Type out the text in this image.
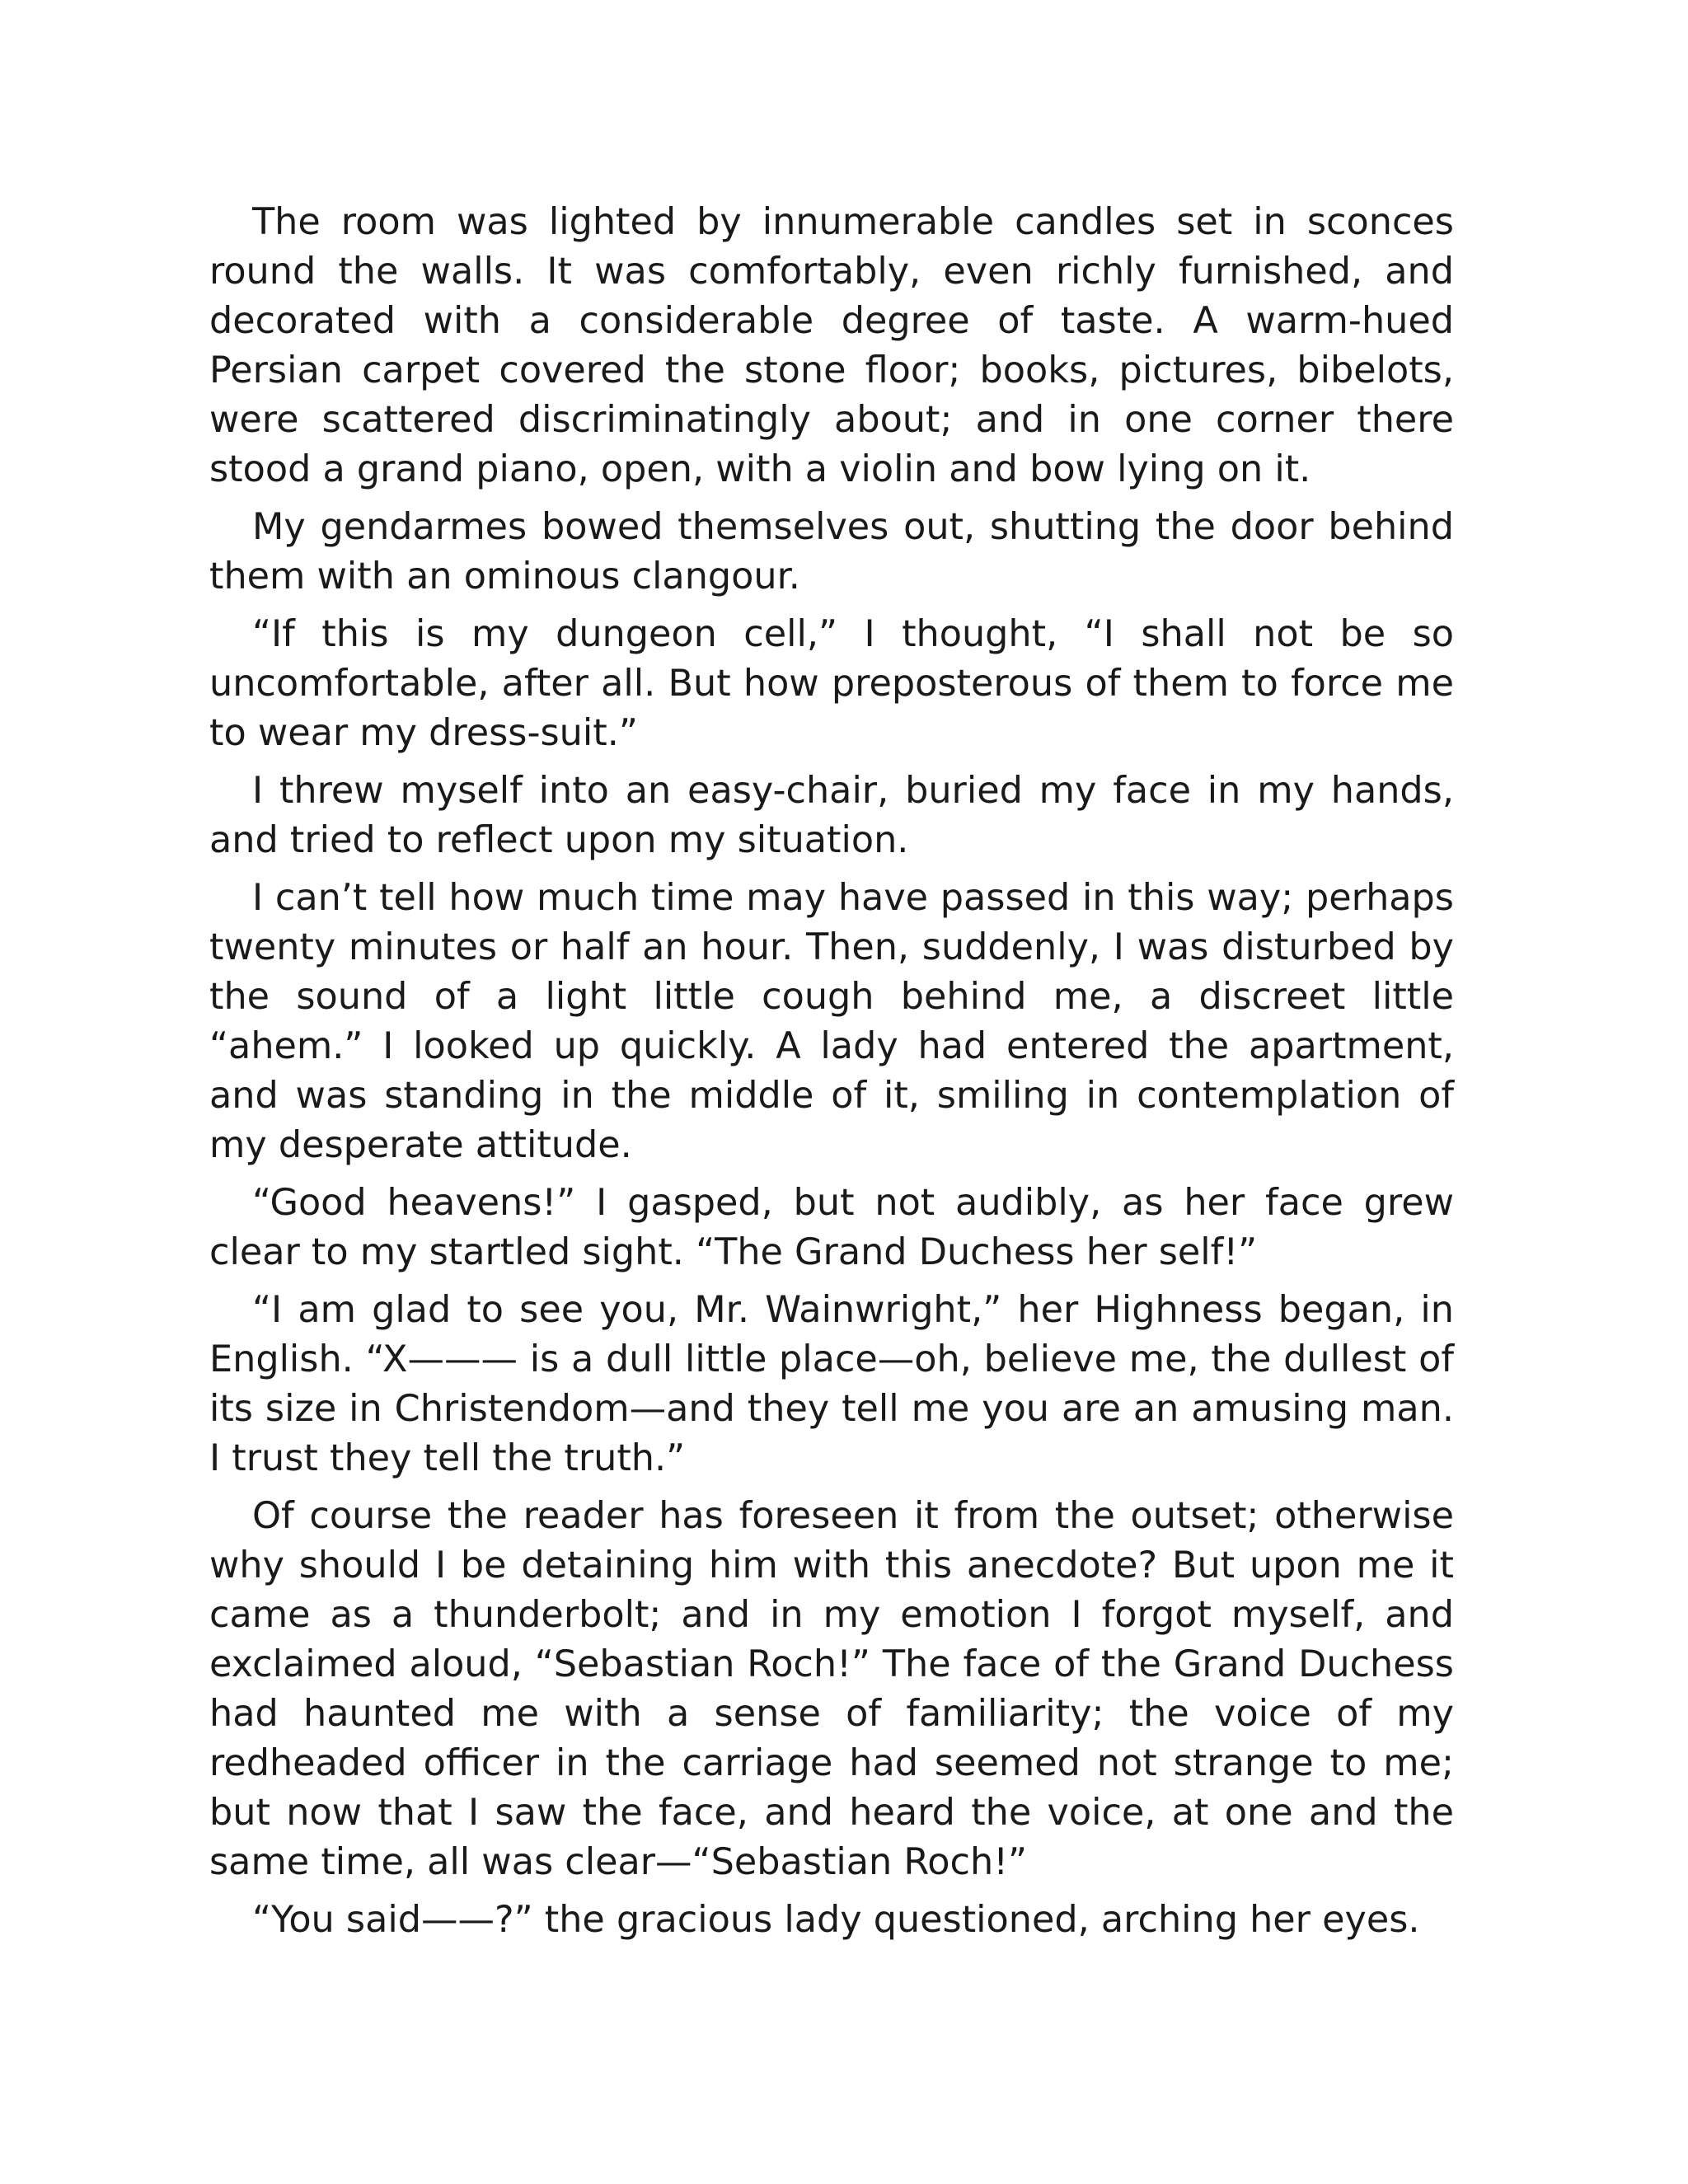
The room was lighted by innumerable candles set in sconces round the walls. It was comfortably, even richly furnished, and decorated with a considerable degree of taste. A warm-hued Persian carpet covered the stone floor; books, pictures, bibelots, were scattered discriminatingly about; and in one corner there stood a grand piano, open, with a violin and bow lying on it.

My gendarmes bowed themselves out, shutting the door behind them with an ominous clangour.

“If this is my dungeon cell,” I thought, “I shall not be so uncomfortable, after all. But how preposterous of them to force me to wear my dress-suit.”

I threw myself into an easy-chair, buried my face in my hands, and tried to reflect upon my situation.

I can’t tell how much time may have passed in this way; perhaps twenty minutes or half an hour. Then, suddenly, I was disturbed by the sound of a light little cough behind me, a discreet little “ahem.” I looked up quickly. A lady had entered the apartment, and was standing in the middle of it, smiling in contemplation of my desperate attitude.

“Good heavens!” I gasped, but not audibly, as her face grew clear to my startled sight. “The Grand Duchess her self!”

“I am glad to see you, Mr. Wainwright,” her Highness began, in English. “X——— is a dull little place—oh, believe me, the dullest of its size in Christendom—and they tell me you are an amusing man. I trust they tell the truth.”

Of course the reader has foreseen it from the outset; otherwise why should I be detaining him with this anecdote? But upon me it came as a thunderbolt; and in my emotion I forgot myself, and exclaimed aloud, “Sebastian Roch!” The face of the Grand Duchess had haunted me with a sense of familiarity; the voice of my redheaded officer in the carriage had seemed not strange to me; but now that I saw the face, and heard the voice, at one and the same time, all was clear—“Sebastian Roch!”

“You said——?” the gracious lady questioned, arching her eyes.
